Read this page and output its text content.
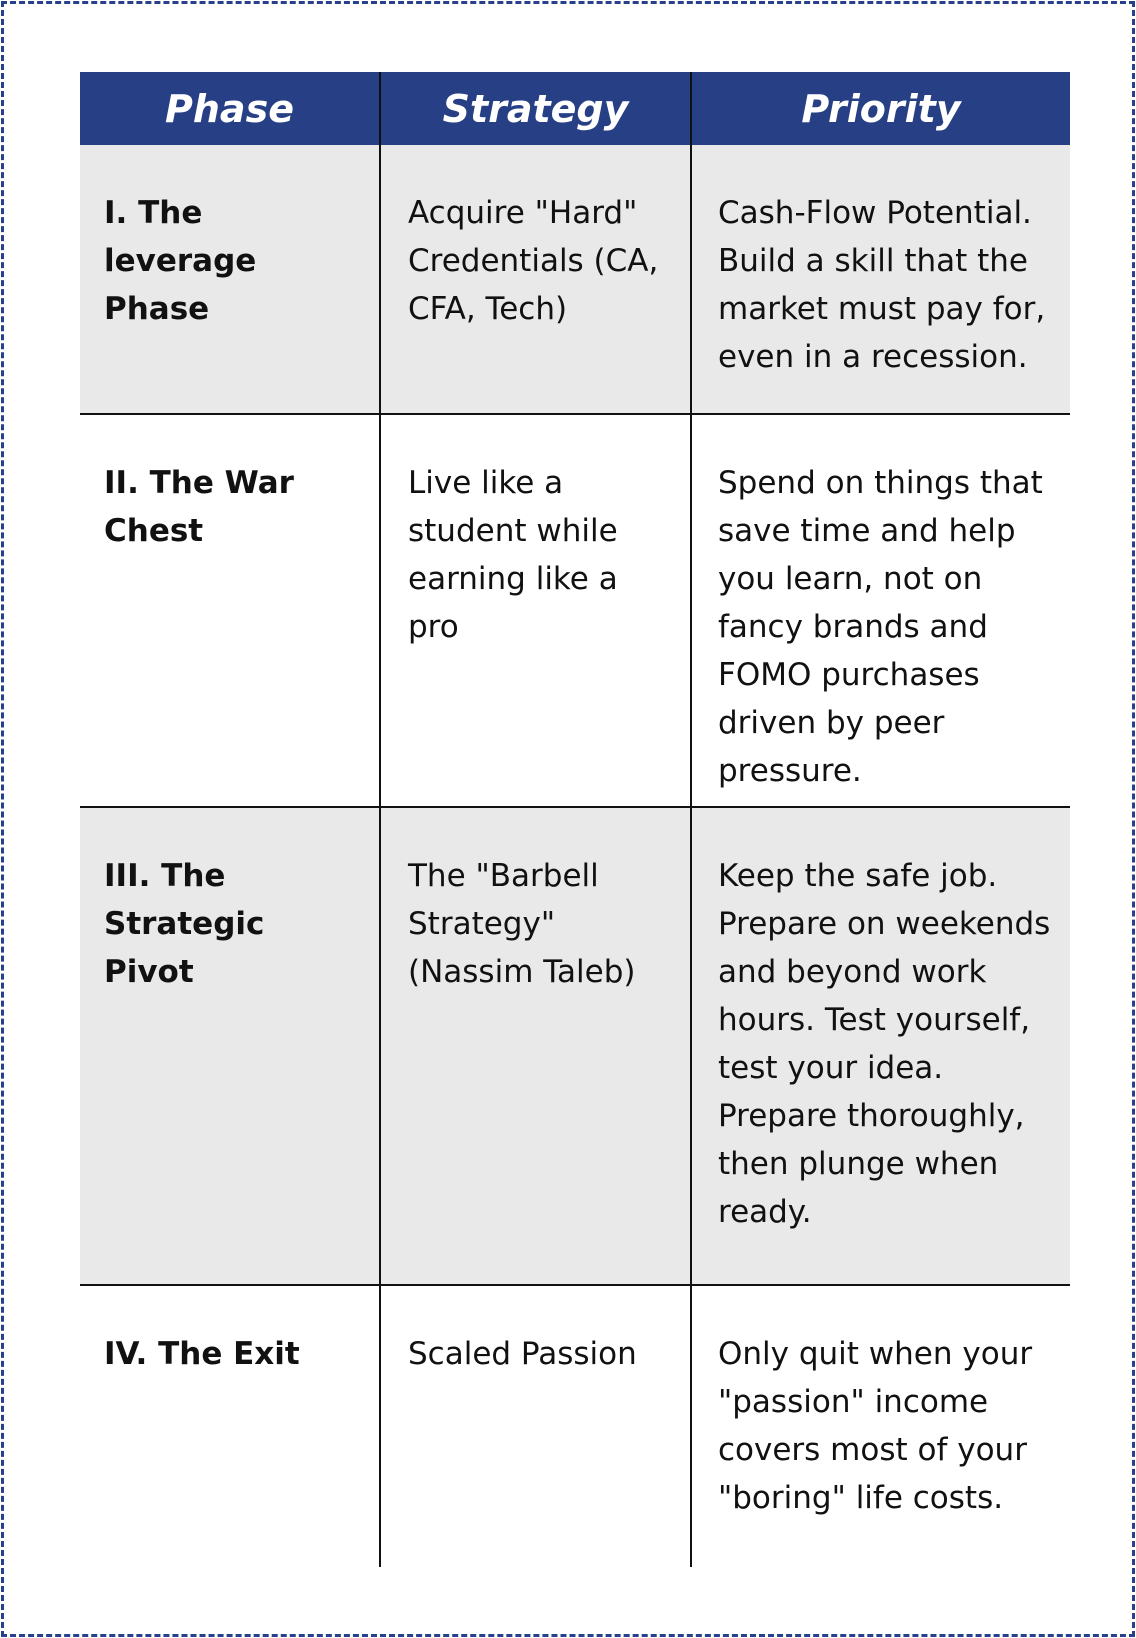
Phase	Strategy	Priority
I. The leverage Phase	Acquire "Hard" Credentials (CA, CFA, Tech)	Cash-Flow Potential. Build a skill that the market must pay for, even in a recession.
II. The War Chest	Live like a student while earning like a pro	Spend on things that save time and help you learn, not on fancy brands and FOMO purchases driven by peer pressure.
III. The Strategic Pivot	The "Barbell Strategy" (Nassim Taleb)	Keep the safe job. Prepare on weekends and beyond work hours. Test yourself, test your idea. Prepare thoroughly, then plunge when ready.
IV. The Exit	Scaled Passion	Only quit when your "passion" income covers most of your "boring" life costs.
